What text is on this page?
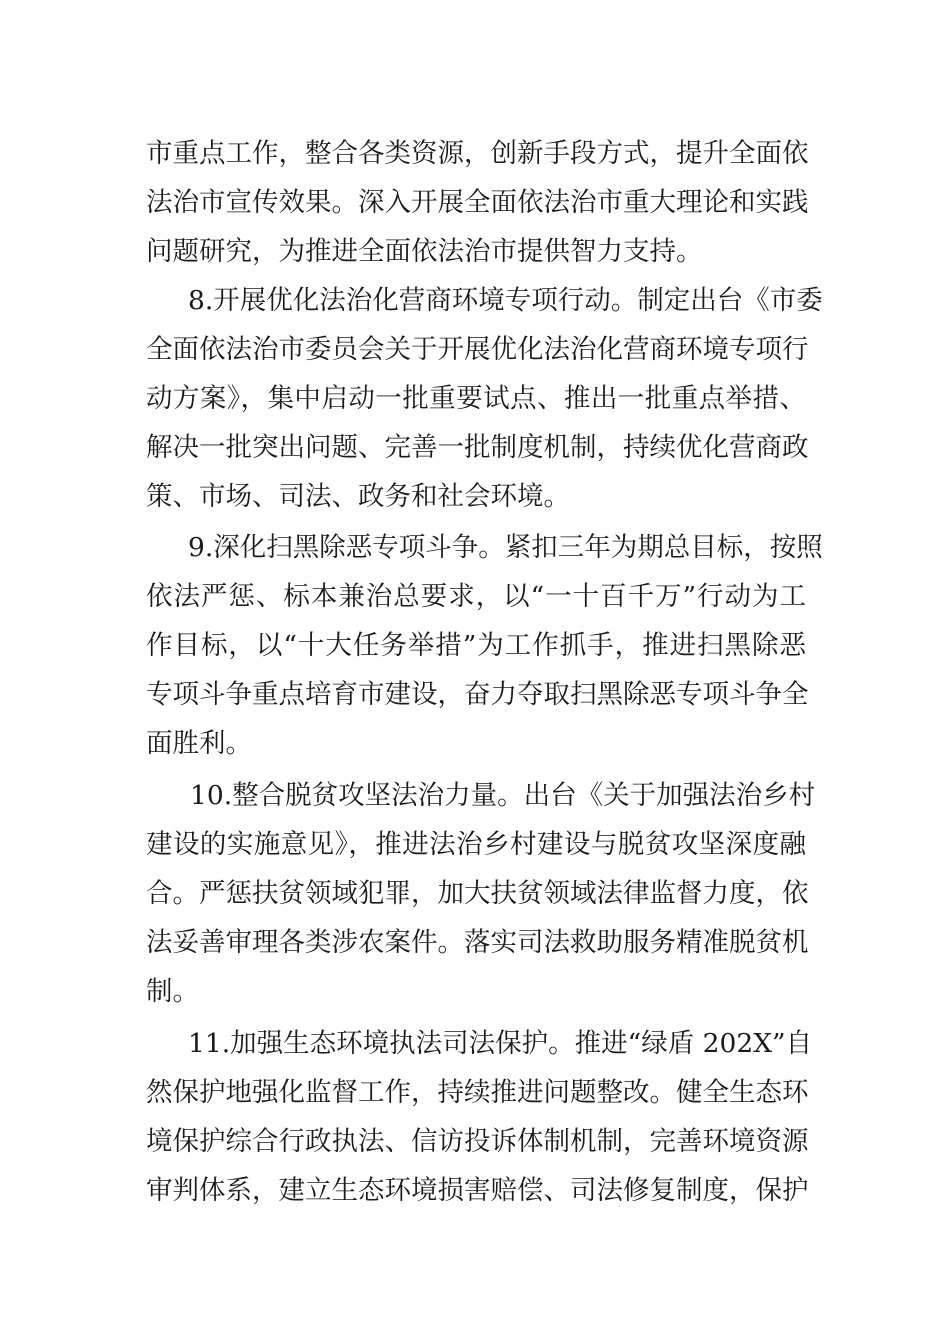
市重点工作，整合各类资源，创新手段方式，提升全面依
法治市宣传效果。深入开展全面依法治市重大理论和实践
问题研究，为推进全面依法治市提供智力支持。
8.开展优化法治化营商环境专项行动。制定出台《市委
全面依法治市委员会关于开展优化法治化营商环境专项行
动方案》，集中启动一批重要试点、推出一批重点举措、
解决一批突出问题、完善一批制度机制，持续优化营商政
策、市场、司法、政务和社会环境。
9.深化扫黑除恶专项斗争。紧扣三年为期总目标，按照
依法严惩、标本兼治总要求，以“一十百千万”行动为工
作目标，以“十大任务举措”为工作抓手，推进扫黑除恶
专项斗争重点培育市建设，奋力夺取扫黑除恶专项斗争全
面胜利。
10.整合脱贫攻坚法治力量。出台《关于加强法治乡村
建设的实施意见》，推进法治乡村建设与脱贫攻坚深度融
合。严惩扶贫领域犯罪，加大扶贫领域法律监督力度，依
法妥善审理各类涉农案件。落实司法救助服务精准脱贫机
制。
11.加强生态环境执法司法保护。推进“绿盾 202X”自
然保护地强化监督工作，持续推进问题整改。健全生态环
境保护综合行政执法、信访投诉体制机制，完善环境资源
审判体系，建立生态环境损害赔偿、司法修复制度，保护
